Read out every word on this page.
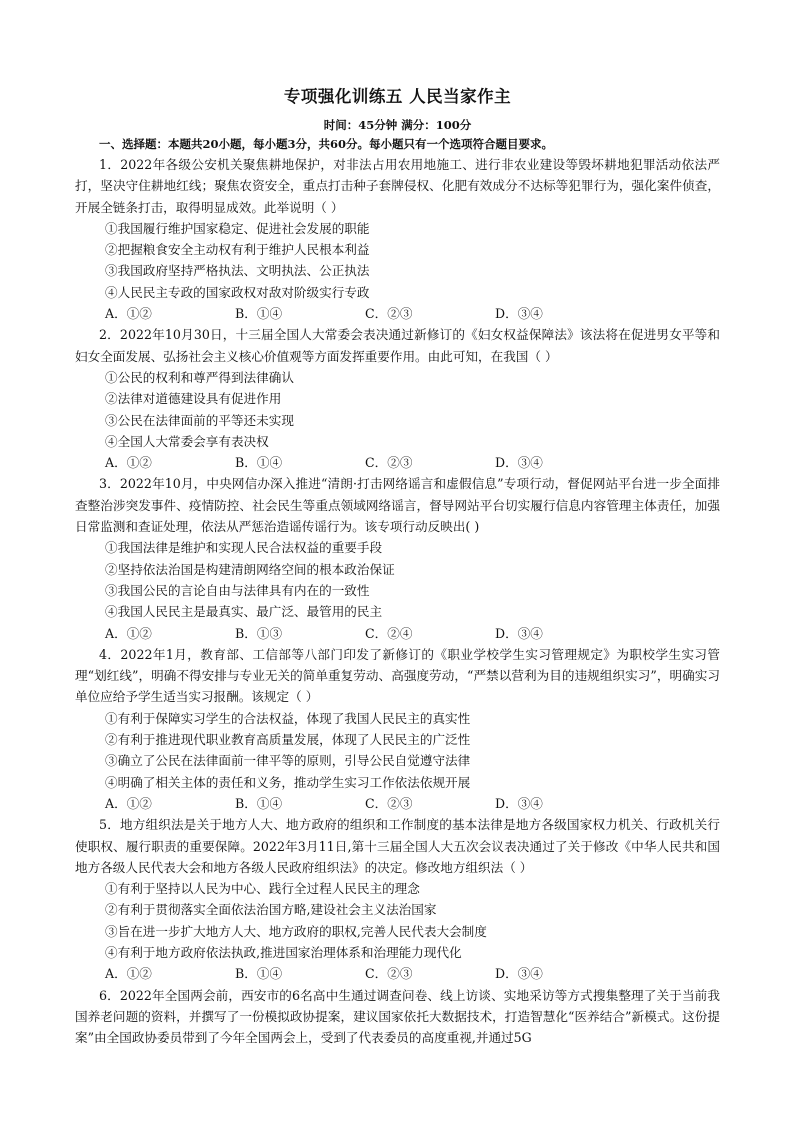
专项强化训练五 人民当家作主
时间：45分钟 满分：100分
一、选择题：本题共20小题，每小题3分，共60分。每小题只有一个选项符合题目要求。

1．2022年各级公安机关聚焦耕地保护，对非法占用农用地施工、进行非农业建设等毁坏耕地犯罪活动依法严打，坚决守住耕地红线；聚焦农资安全，重点打击种子套牌侵权、化肥有效成分不达标等犯罪行为，强化案件侦查，开展全链条打击，取得明显成效。此举说明（ ）

①我国履行维护国家稳定、促进社会发展的职能

②把握粮食安全主动权有利于维护人民根本利益

③我国政府坚持严格执法、文明执法、公正执法

④人民民主专政的国家政权对敌对阶级实行专政

A．①②	B．①④	C．②③	D．③④

2．2022年10月30日，十三届全国人大常委会表决通过新修订的《妇女权益保障法》该法将在促进男女平等和妇女全面发展、弘扬社会主义核心价值观等方面发挥重要作用。由此可知，在我国（ ）

①公民的权利和尊严得到法律确认

②法律对道德建设具有促进作用

③公民在法律面前的平等还未实现

④全国人大常委会享有表决权

A．①②	B．①④	C．②③	D．③④

3．2022年10月，中央网信办深入推进“清朗·打击网络谣言和虚假信息”专项行动，督促网站平台进一步全面排查整治涉突发事件、疫情防控、社会民生等重点领域网络谣言，督导网站平台切实履行信息内容管理主体责任，加强日常监测和查证处理，依法从严惩治造谣传谣行为。该专项行动反映出( )

①我国法律是维护和实现人民合法权益的重要手段

②坚持依法治国是构建清朗网络空间的根本政治保证

③我国公民的言论自由与法律具有内在的一致性

④我国人民民主是最真实、最广泛、最管用的民主

A．①②	B．①③	C．②④	D．③④

4．2022年1月，教育部、工信部等八部门印发了新修订的《职业学校学生实习管理规定》为职校学生实习管理“划红线”，明确不得安排与专业无关的简单重复劳动、高强度劳动，“严禁以营利为目的违规组织实习”，明确实习单位应给予学生适当实习报酬。该规定（ ）

①有利于保障实习学生的合法权益，体现了我国人民民主的真实性

②有利于推进现代职业教育高质量发展，体现了人民民主的广泛性

③确立了公民在法律面前一律平等的原则，引导公民自觉遵守法律

④明确了相关主体的责任和义务，推动学生实习工作依法依规开展

A．①②	B．①④	C．②③	D．③④

5．地方组织法是关于地方人大、地方政府的组织和工作制度的基本法律是地方各级国家权力机关、行政机关行使职权、履行职责的重要保障。2022年3月11日,第十三届全国人大五次会议表决通过了关于修改《中华人民共和国地方各级人民代表大会和地方各级人民政府组织法》的决定。修改地方组织法（ ）

①有利于坚持以人民为中心、践行全过程人民民主的理念

②有利于贯彻落实全面依法治国方略,建设社会主义法治国家

③旨在进一步扩大地方人大、地方政府的职权,完善人民代表大会制度

④有利于地方政府依法执政,推进国家治理体系和治理能力现代化

A．①②	B．①④	C．②③	D．③④

6．2022年全国两会前，西安市的6名高中生通过调查问卷、线上访谈、实地采访等方式搜集整理了关于当前我国养老问题的资料，并撰写了一份模拟政协提案，建议国家依托大数据技术，打造智慧化“医养结合”新模式。这份提案”由全国政协委员带到了今年全国两会上，受到了代表委员的高度重视,并通过5G
